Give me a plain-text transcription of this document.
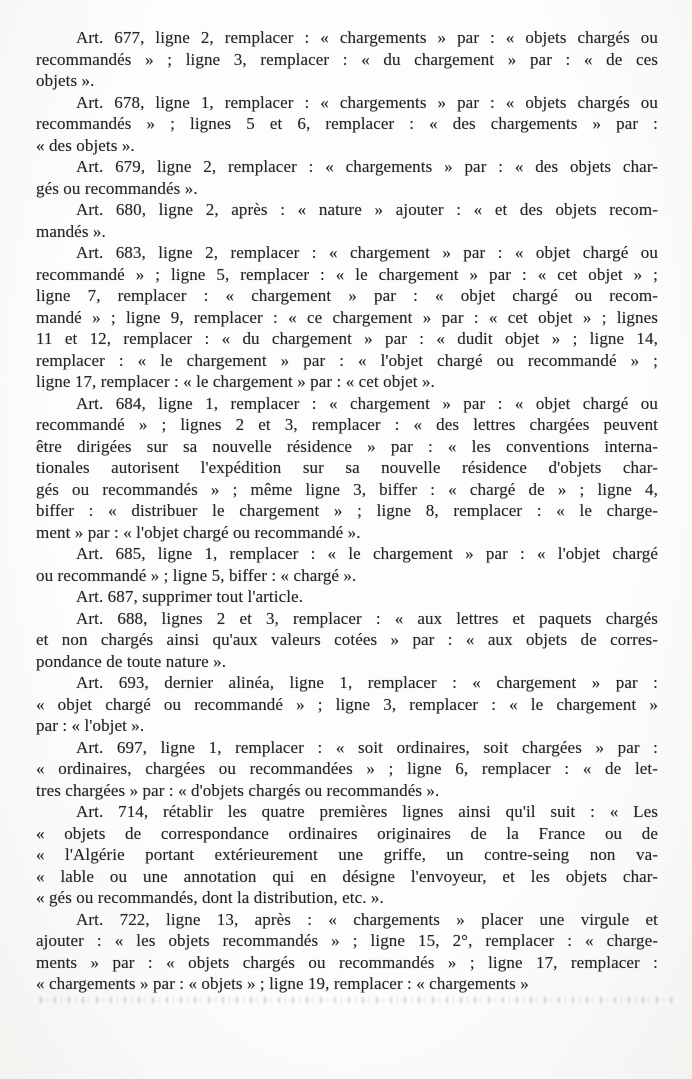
Art. 677, ligne 2, remplacer : « chargements » par : « objets chargés ou
recommandés » ; ligne 3, remplacer : « du chargement » par : « de ces
objets ».

Art. 678, ligne 1, remplacer : « chargements » par : « objets chargés ou
recommandés » ; lignes 5 et 6, remplacer : « des chargements » par :
« des objets ».

Art. 679, ligne 2, remplacer : « chargements » par : « des objets char-
gés ou recommandés ».

Art. 680, ligne 2, après : « nature » ajouter : « et des objets recom-
mandés ».

Art. 683, ligne 2, remplacer : « chargement » par : « objet chargé ou
recommandé » ; ligne 5, remplacer : « le chargement » par : « cet objet » ;
ligne 7, remplacer : « chargement » par : « objet chargé ou recom-
mandé » ; ligne 9, remplacer : « ce chargement » par : « cet objet » ; lignes
11 et 12, remplacer : « du chargement » par : « dudit objet » ; ligne 14,
remplacer : « le chargement » par : « l'objet chargé ou recommandé » ;
ligne 17, remplacer : « le chargement » par : « cet objet ».

Art. 684, ligne 1, remplacer : « chargement » par : « objet chargé ou
recommandé » ; lignes 2 et 3, remplacer : « des lettres chargées peuvent
être dirigées sur sa nouvelle résidence » par : « les conventions interna-
tionales autorisent l'expédition sur sa nouvelle résidence d'objets char-
gés ou recommandés » ; même ligne 3, biffer : « chargé de » ; ligne 4,
biffer : « distribuer le chargement » ; ligne 8, remplacer : « le charge-
ment » par : « l'objet chargé ou recommandé ».

Art. 685, ligne 1, remplacer : « le chargement » par : « l'objet chargé
ou recommandé » ; ligne 5, biffer : « chargé ».

Art. 687, supprimer tout l'article.

Art. 688, lignes 2 et 3, remplacer : « aux lettres et paquets chargés
et non chargés ainsi qu'aux valeurs cotées » par : « aux objets de corres-
pondance de toute nature ».

Art. 693, dernier alinéa, ligne 1, remplacer : « chargement » par :
« objet chargé ou recommandé » ; ligne 3, remplacer : « le chargement »
par : « l'objet ».

Art. 697, ligne 1, remplacer : « soit ordinaires, soit chargées » par :
« ordinaires, chargées ou recommandées » ; ligne 6, remplacer : « de let-
tres chargées » par : « d'objets chargés ou recommandés ».

Art. 714, rétablir les quatre premières lignes ainsi qu'il suit : « Les
« objets de correspondance ordinaires originaires de la France ou de
« l'Algérie portant extérieurement une griffe, un contre-seing non va-
« lable ou une annotation qui en désigne l'envoyeur, et les objets char-
« gés ou recommandés, dont la distribution, etc. ».

Art. 722, ligne 13, après : « chargements » placer une virgule et
ajouter : « les objets recommandés » ; ligne 15, 2°, remplacer : « charge-
ments » par : « objets chargés ou recommandés » ; ligne 17, remplacer :
« chargements » par : « objets » ; ligne 19, remplacer : « chargements »
